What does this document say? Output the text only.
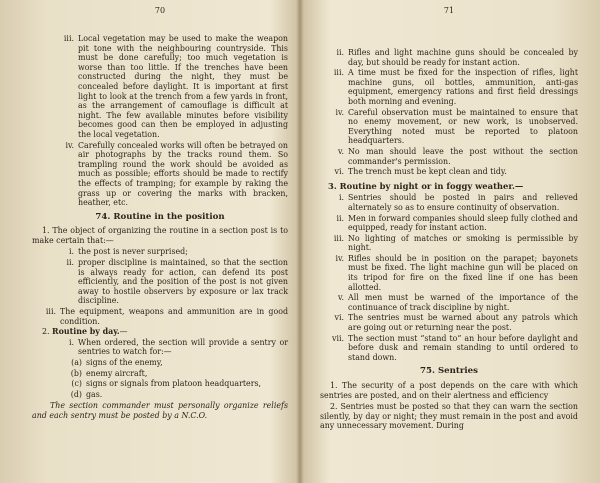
70
iii. Local vegetation may be used to make the weapon pit tone with the neighbouring countryside. This must be done carefully; too much vegetation is worse than too little. If the trenches have been constructed during the night, they must be concealed before daylight. It is important at first light to look at the trench from a few yards in front, as the arrangement of camouflage is difficult at night. The few available minutes before visibility becomes good can then be employed in adjusting the local vegetation.
iv. Carefully concealed works will often be betrayed on air photographs by the tracks round them. So trampling round the work should be avoided as much as possible; efforts should be made to rectify the effects of tramping; for example by raking the grass up or covering the marks with bracken, heather, etc.
74. Routine in the position
1. The object of organizing the routine in a section post is to make certain that:—
i. the post is never surprised;
ii. proper discipline is maintained, so that the section is always ready for action, can defend its post efficiently, and the position of the post is not given away to hostile observers by exposure or lax track discipline.
iii. The equipment, weapons and ammunition are in good condition.
2. Routine by day.—
i. When ordered, the section will provide a sentry or sentries to watch for:—
(a) signs of the enemy,
(b) enemy aircraft,
(c) signs or signals from platoon headquarters,
(d) gas.
The section commander must personally organize reliefs and each sentry must be posted by a N.C.O.
71
ii. Rifles and light machine guns should be concealed by day, but should be ready for instant action.
iii. A time must be fixed for the inspection of rifles, light machine guns, oil bottles, ammunition, anti-gas equipment, emergency rations and first field dressings both morning and evening.
iv. Careful observation must be maintained to ensure that no enemy movement, or new work, is unobserved. Everything noted must be reported to platoon headquarters.
v. No man should leave the post without the section commander's permission.
vi. The trench must be kept clean and tidy.
3. Routine by night or in foggy weather.—
i. Sentries should be posted in pairs and relieved alternately so as to ensure continuity of observation.
ii. Men in forward companies should sleep fully clothed and equipped, ready for instant action.
iii. No lighting of matches or smoking is permissible by night.
iv. Rifles should be in position on the parapet; bayonets must be fixed. The light machine gun will be placed on its tripod for fire on the fixed line if one has been allotted.
v. All men must be warned of the importance of the continuance of track discipline by night.
vi. The sentries must be warned about any patrols which are going out or returning near the post.
vii. The section must “stand to” an hour before daylight and before dusk and remain standing to until ordered to stand down.
75. Sentries
1. The security of a post depends on the care with which sentries are posted, and on their alertness and efficiency
2. Sentries must be posted so that they can warn the section silently, by day or night; they must remain in the post and avoid any unnecessary movement. During
